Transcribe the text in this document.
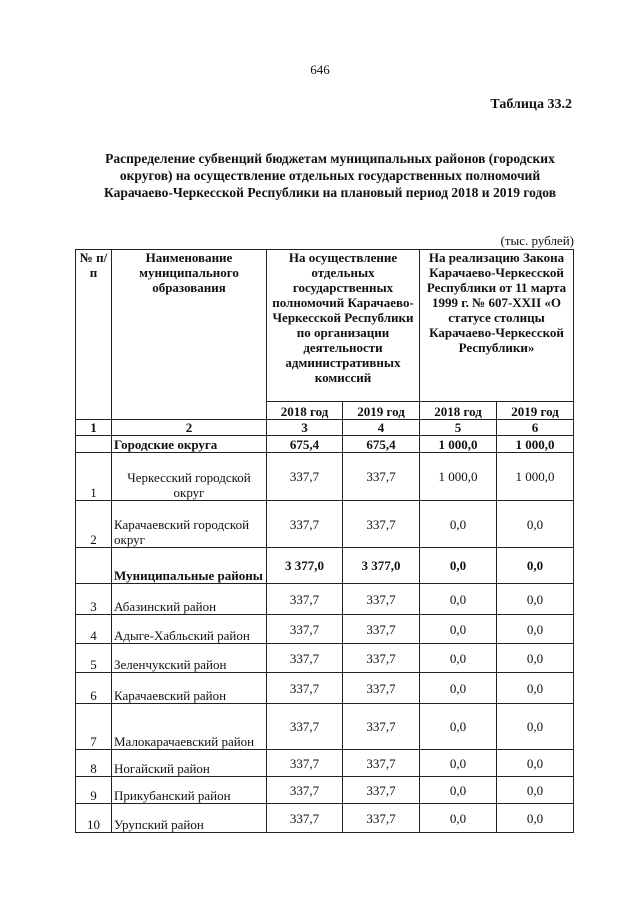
646
Таблица 33.2
Распределение субвенций бюджетам муниципальных районов (городских округов) на осуществление отдельных государственных полномочий Карачаево-Черкесской Республики на плановый период 2018 и 2019 годов
(тыс. рублей)
№ п/п	Наименование муниципального образования	На осуществление отдельных государственных полномочий Карачаево-Черкесской Республики по организации деятельности административных комиссий		На реализацию Закона Карачаево-Черкесской Республики от 11 марта 1999 г. № 607-XXII «О статусе столицы Карачаево-Черкесской Республики»	
		2018 год	2019 год	2018 год	2019 год
1	2	3	4	5	6
	Городские округа	675,4	675,4	1 000,0	1 000,0
1	Черкесский городской округ	337,7	337,7	1 000,0	1 000,0
2	Карачаевский городской округ	337,7	337,7	0,0	0,0
	Муниципальные районы	3 377,0	3 377,0	0,0	0,0
3	Абазинский район	337,7	337,7	0,0	0,0
4	Адыге-Хабльский район	337,7	337,7	0,0	0,0
5	Зеленчукский район	337,7	337,7	0,0	0,0
6	Карачаевский район	337,7	337,7	0,0	0,0
7	Малокарачаевский район	337,7	337,7	0,0	0,0
8	Ногайский район	337,7	337,7	0,0	0,0
9	Прикубанский район	337,7	337,7	0,0	0,0
10	Урупский район	337,7	337,7	0,0	0,0
